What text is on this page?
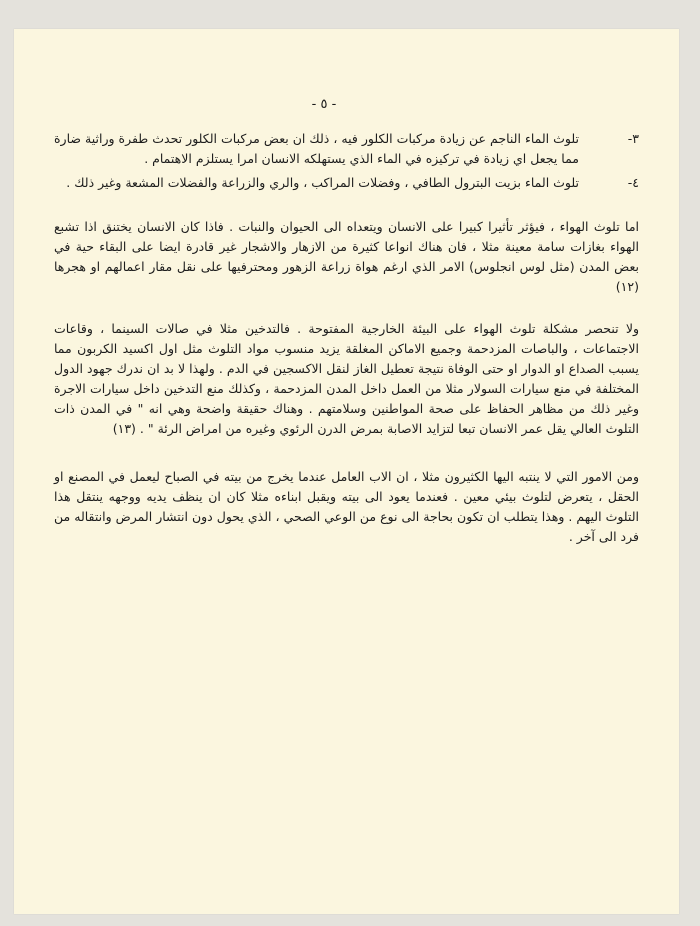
- ٥ -
٣-
تلوث الماء الناجم عن زيادة مركبات الكلور فيه ، ذلك ان بعض مركبات الكلور تحدث طفرة وراثية ضارة مما يجعل اي زيادة في تركيزه في الماء الذي يستهلكه الانسان امرا يستلزم الاهتمام .
٤-
تلوث الماء بزيت البترول الطافي ، وفضلات المراكب ، والري والزراعة والفضلات المشعة وغير ذلك .

اما تلوث الهواء ، فيؤثر تأثيرا كبيرا على الانسان ويتعداه الى الحيوان والنبات . فاذا كان الانسان يختنق اذا تشبع الهواء بغازات سامة معينة مثلا ، فان هناك انواعا كثيرة من الازهار والاشجار غير قادرة ايضا على البقاء حية في بعض المدن (مثل لوس انجلوس) الامر الذي ارغم هواة زراعة الزهور ومحترفيها على نقل مقار اعمالهم او هجرها (١٢)

ولا تنحصر مشكلة تلوث الهواء على البيئة الخارجية المفتوحة . فالتدخين مثلا في صالات السينما ، وقاعات الاجتماعات ، والباصات المزدحمة وجميع الاماكن المغلقة يزيد منسوب مواد التلوث مثل اول اكسيد الكربون مما يسبب الصداع او الدوار او حتى الوفاة نتيجة تعطيل الغاز لنقل الاكسجين في الدم . ولهذا لا بد ان ندرك جهود الدول المختلفة في منع سيارات السولار مثلا من العمل داخل المدن المزدحمة ، وكذلك منع التدخين داخل سيارات الاجرة وغير ذلك من مظاهر الحفاظ على صحة المواطنين وسلامتهم . وهناك حقيقة واضحة وهي انه " في المدن ذات التلوث العالي يقل عمر الانسان تبعا لتزايد الاصابة بمرض الدرن الرئوي وغيره من امراض الرئة " . (١٣)

ومن الامور التي لا ينتبه اليها الكثيرون مثلا ، ان الاب العامل عندما يخرج من بيته في الصباح ليعمل في المصنع او الحقل ، يتعرض لتلوث بيئي معين . فعندما يعود الى بيته ويقبل ابناءه مثلا كان ان ينظف يديه ووجهه ينتقل هذا التلوث اليهم . وهذا يتطلب ان تكون بحاجة الى نوع من الوعي الصحي ، الذي يحول دون انتشار المرض وانتقاله من فرد الى آخر .
